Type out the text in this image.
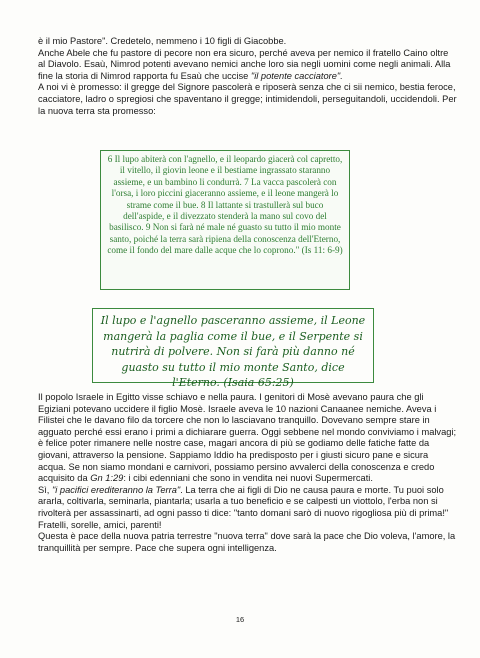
è il mio Pastore". Credetelo, nemmeno i 10 figli di Giacobbe.

Anche Abele che fu pastore di pecore non era sicuro, perché aveva per nemico il fratello Caino oltre al Diavolo. Esaù, Nimrod potenti avevano nemici anche loro sia negli uomini come negli animali. Alla fine la storia di Nimrod rapporta fu Esaù che uccise "il potente cacciatore".

A noi vi è promesso: il gregge del Signore pascolerà e riposerà senza che ci sii nemico, bestia feroce, cacciatore, ladro o spregiosi che spaventano il gregge; intimidendoli, perseguitandoli, uccidendoli. Per la nuova terra sta promesso:

6 Il lupo abiterà con l'agnello, e il leopardo giacerà col capretto, il vitello, il giovin leone e il bestiame ingrassato staranno assieme, e un bambino li condurrà. 7 La vacca pascolerà con l'orsa, i loro piccini giaceranno assieme, e il leone mangerà lo strame come il bue. 8 Il lattante si trastullerà sul buco dell'aspide, e il divezzato stenderà la mano sul covo del basilisco. 9 Non si farà né male né guasto su tutto il mio monte santo, poiché la terra sarà ripiena della conoscenza dell'Eterno, come il fondo del mare dalle acque che lo coprono." (Is 11: 6-9)

Il lupo e l'agnello pasceranno assieme, il Leone mangerà la paglia come il bue, e il Serpente si nutrirà di polvere. Non si farà più danno né guasto su tutto il mio monte Santo, dice l'Eterno. (Isaia 65:25)

Il popolo Israele in Egitto visse schiavo e nella paura. I genitori di Mosè avevano paura che gli Egiziani potevano uccidere il figlio Mosè. Israele aveva le 10 nazioni Canaanee nemiche. Aveva i Filistei che le davano filo da torcere che non lo lasciavano tranquillo. Dovevano sempre stare in agguato perché essi erano i primi a dichiarare guerra. Oggi sebbene nel mondo conviviamo i malvagi; è felice poter rimanere nelle nostre case, magari ancora di più se godiamo delle fatiche fatte da giovani, attraverso la pensione. Sappiamo Iddio ha predisposto per i giusti sicuro pane e sicura acqua. Se non siamo mondani e carnivori, possiamo persino avvalerci della conoscenza e credo acquisito da Gn 1:29: i cibi edenniani che sono in vendita nei nuovi Supermercati.

Sì, "i pacifici erediteranno la Terra". La terra che ai figli di Dio ne causa paura e morte. Tu puoi solo ararla, coltivarla, seminarla, piantarla; usarla a tuo beneficio e se calpesti un viottolo, l'erba non si rivolterà per assassinarti, ad ogni passo ti dice: "tanto domani sarò di nuovo rigogliosa più di prima!"

Fratelli, sorelle, amici, parenti!

Questa è pace della nuova patria terrestre "nuova terra" dove sarà la pace che Dio voleva, l'amore, la tranquillità per sempre. Pace che supera ogni intelligenza.

16
